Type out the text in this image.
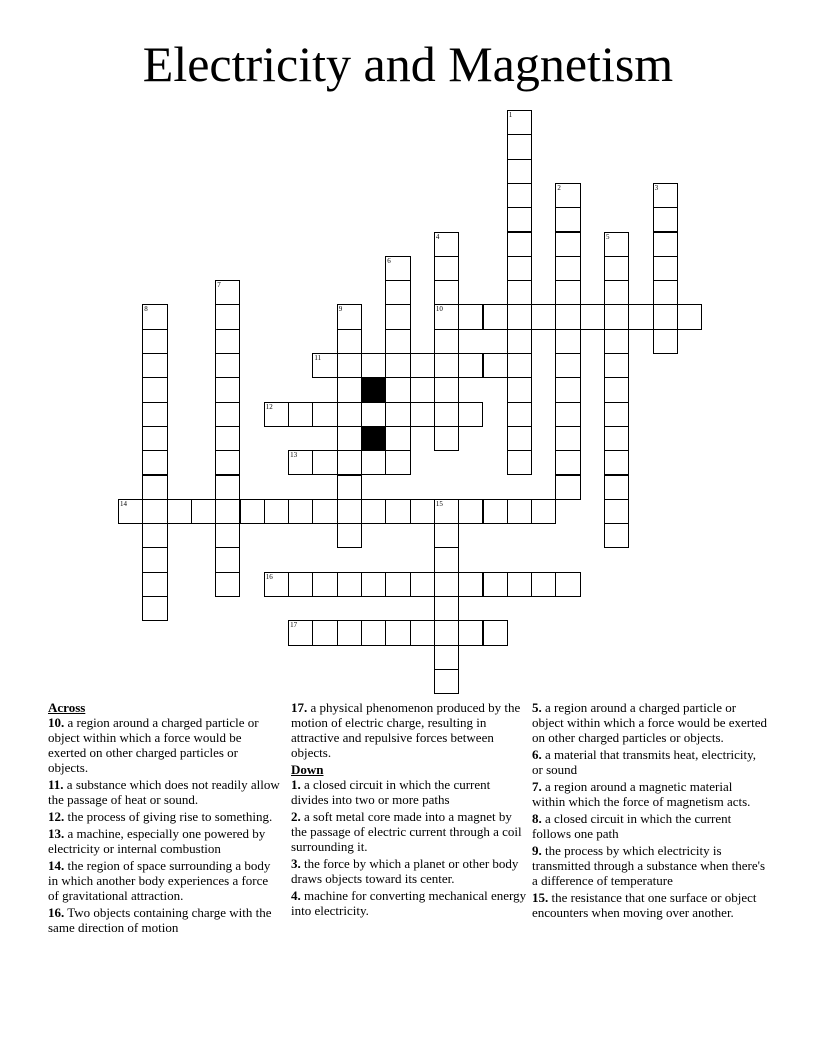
Electricity and Magnetism
1
2	3
4
10
5
6
7
8	9
11
12
13
14	15
16
17

Across

10. a region around a charged particle or object within which a force would be exerted on other charged particles or objects.

11. a substance which does not readily allow the passage of heat or sound.

12. the process of giving rise to something.

13. a machine, especially one powered by electricity or internal combustion

14. the region of space surrounding a body in which another body experiences a force of gravitational attraction.

16. Two objects containing charge with the same direction of motion

17. a physical phenomenon produced by the motion of electric charge, resulting in attractive and repulsive forces between objects.

Down

1. a closed circuit in which the current divides into two or more paths

2. a soft metal core made into a magnet by the passage of electric current through a coil surrounding it.

3. the force by which a planet or other body draws objects toward its center.

4. machine for converting mechanical energy into electricity.

5. a region around a charged particle or object within which a force would be exerted on other charged particles or objects.

6. a material that transmits heat, electricity, or sound

7. a region around a magnetic material within which the force of magnetism acts.

8. a closed circuit in which the current follows one path

9. the process by which electricity is transmitted through a substance when there's a difference of temperature

15. the resistance that one surface or object encounters when moving over another.
